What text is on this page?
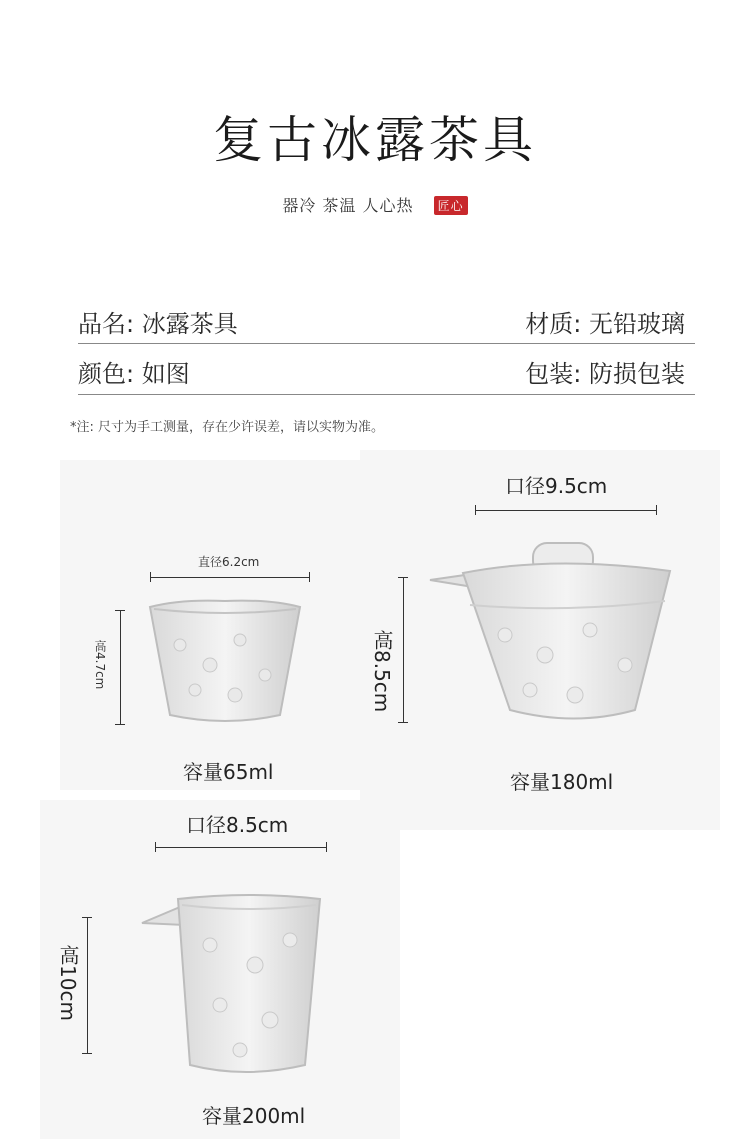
复古冰露茶具
器冷 茶温 人心热 匠心
品名: 冰露茶具	材质: 无铅玻璃
颜色: 如图	包装: 防损包装
*注: 尺寸为手工测量，存在少许误差，请以实物为准。
直径6.2cm
高4.7cm
容量65ml
口径9.5cm
高8.5cm
容量180ml
口径8.5cm
高10cm
容量200ml
